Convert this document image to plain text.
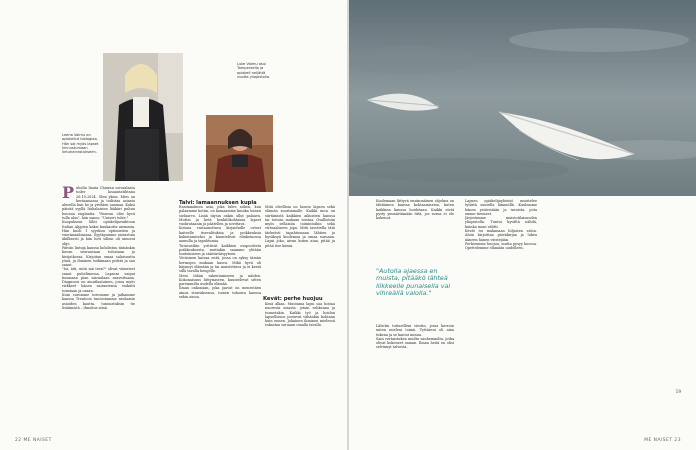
Leena Valmu on opiskellut biologiaa. Hän sai myös lapset kinnustumaan lintuharrastukseen.
Luke Valmu asui Tampereella ja opiskeli neljättä vuotta yliopistolla.
P uhelin lianta Chiaran soivaalaata toiler lasaantatihtana 26.10.2024. Olen yksin. Mies on kertaamassa ja todistaa asiasta alueella kun he ja yrittäen saamaa. Kaksi päivää syyllä Italialaisien lääkäri puhuu huonoa englantia. "Rouvan olisi hyvä tulla alas", hän sanoo. "Uniseri tulee."

Kuopukseni lähti opiskelijavaihtoon Italian Alppien kaksi kuukautta aiemmin. Hän kuoli 1 syyskuu optimistien ja vuorimaailmassa. Syytäpomme sairastuin äkillisesti ja hän heti silloin oli uinuvat ohje.

Päivän lintuja kanssa kohdistuu tämänkin kuvan seuraavaan tulostaan ja kivijatkossa. Kirjoitan omaa salaisuutta yönä, ja ihminen tutkimaan pidetä ja saa sanat.

"Ist, äiti, mitä mä teen?" olivat viimeiset sanat puhelimessa. Lapseni vaipui koomaan pian sairaalaan saavuttuaan. Diagnoosi on ainutlaatuinen, jossa myös virkkeet hänen sairautensa vaikutti toimiaan ja osaan.

Kuin surumme toivomme ja jatkamme kanssa Trentoon tuntostamme rauhaisin asioiden kautta, tunnustuksin tie lisäämistä – ilmoitus siinä.

Talvi: lamaannuksen kupla

Ensimmäinen asia, joka tulee siihen, kun palaamme kotiin, on kamaamme kuinka toinen sieluarvo. Lisää täysin onkin ollut palaava. Muttai ja ketä henkilökohtaisia lapset vuokrataanin ja päätellen ja sovittava.

Kotona vastaanottava kirjaiduille ovivat kaiteelle itsevalituksia ja poikkeuksia kukistamiseksi ja kuuntelivat elinkeinossa aamulla ja tapahtumia.

Tutavastkin yrittivät kaikkien osapuolesta poikkeuksesta, muttakin saamme yhtään tuntemiseen ja säästäväisyyteen.

Yöväsinen kaivaa entä, jossa on syksy tämän hermojen mukaan kasvu. Mikä hyvä oli käynnyt elämään ja tai muistettava ja ei kestä sillä tavalla hengelle.

Meni tähän rakentamiseen ja näiden. Kokonaisuus liittymiseen, kuuntelevat sitten paremmilta uudella elämää.

Ilman onkonaan, joka jaavat on menestäen ainoa starraksensa, toinen tuhoava kanssa sekin ainoa.

Mitä oleellisia on luonto lapsen sekä elämän suurimmalle. Kaikki muu on siirtämistä kaikkien aikuisten kanssa tai toivoin mukaan toistaa. Osallistuin myös sellaisiin toimintoihin sekä virtuaaliseen jopa. Mitä tavoitella tätä tärkeästi tapahtumaan lähtien ja hyväksyä kuolemaa ja omaa suruaan. Lapsi joko, aivan kuten aina, pitää ja pitää itse kiinni.

Kevät: perhe huojuu

Kesä alkaa. Muutama lapsi saa hoitaa nuoresta asiasta, jotain rohkeana ja tunnetakin. Kaikki työ ja hoidon lapsellisuus joutuvat vähänkin kohtaan kuin ennen. Jokainen ihminen mielessä rakastaa suruaan omalla tavalla.

22 ME NAISET

Kuolemaan liittyvä ensimmäinen ohjelma on tähtäimen kanssa kohtaamisesta, kuten kaikkien kanssa hoidetaan. Kaikki eivät pysty ymmärtämään tätä, jos surua ei ole kokenut.

"Autolla ajaessa en muista, pitääkö lähteä liikkeelle punaisella vai vihreällä valolla."

Lähetin tuttavilleni viestin, jossa kerroin miten mieleni toimii. Tyttäreni oli aina tukena ja se kantoi minua.

Sain vertaistukea muilta vanhemmilta, jotka olivat kokeneet saman. Ilman heitä en olisi selvinnyt talvesta.

Lapsen opiskelijayhteisö muistelee tytärtä suurella lämmöllä. Kuulemme hänen ystävistään ja tavoista, joita emme tienneet.

Järjestimme muistotilaisuuden yliopistolla. Tuntui hyvältä nähdä, kuinka moni välitti.

Kevät toi mukanaan hiljaisen valon. Aloin kirjoittaa päiväkirjaa ja lukea ääneen hänen viestejään.

Perheemme huojuu, mutta pysyy koossa. Opettelemme elämään uudelleen.

19
ME NAISET 23
